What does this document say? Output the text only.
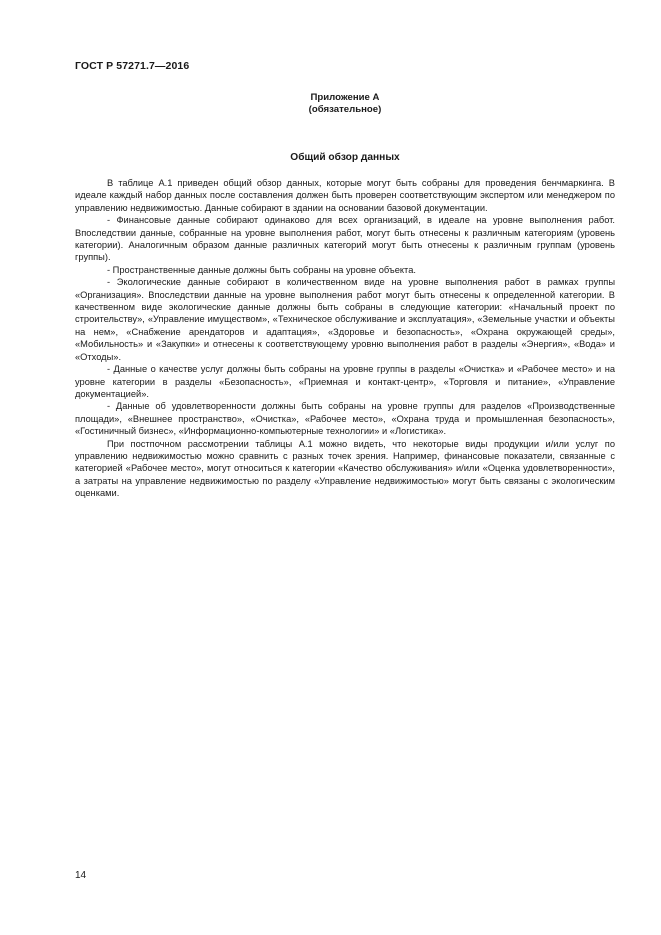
ГОСТ Р 57271.7—2016
Приложение А
(обязательное)
Общий обзор данных

В таблице А.1 приведен общий обзор данных, которые могут быть собраны для проведения бенчмаркинга. В идеале каждый набор данных после составления должен быть проверен соответствующим экспертом или менеджером по управлению недвижимостью. Данные собирают в здании на основании базовой документации.

- Финансовые данные собирают одинаково для всех организаций, в идеале на уровне выполнения работ. Впоследствии данные, собранные на уровне выполнения работ, могут быть отнесены к различным категориям (уровень категории). Аналогичным образом данные различных категорий могут быть отнесены к различным группам (уровень группы).

- Пространственные данные должны быть собраны на уровне объекта.

- Экологические данные собирают в количественном виде на уровне выполнения работ в рамках группы «Организация». Впоследствии данные на уровне выполнения работ могут быть отнесены к определенной категории. В качественном виде экологические данные должны быть собраны в следующие категории: «Начальный проект по строительству», «Управление имуществом», «Техническое обслуживание и эксплуатация», «Земельные участки и объекты на нем», «Снабжение арендаторов и адаптация», «Здоровье и безопасность», «Охрана окружающей среды», «Мобильность» и «Закупки» и отнесены к соответствующему уровню выполнения работ в разделы «Энергия», «Вода» и «Отходы».

- Данные о качестве услуг должны быть собраны на уровне группы в разделы «Очистка» и «Рабочее место» и на уровне категории в разделы «Безопасность», «Приемная и контакт-центр», «Торговля и питание», «Управление документацией».

- Данные об удовлетворенности должны быть собраны на уровне группы для разделов «Производственные площади», «Внешнее пространство», «Очистка», «Рабочее место», «Охрана труда и промышленная безопасность», «Гостиничный бизнес», «Информационно-компьютерные технологии» и «Логистика».

При постпочном рассмотрении таблицы А.1 можно видеть, что некоторые виды продукции и/или услуг по управлению недвижимостью можно сравнить с разных точек зрения. Например, финансовые показатели, связанные с категорией «Рабочее место», могут относиться к категории «Качество обслуживания» и/или «Оценка удовлетворенности», а затраты на управление недвижимостью по разделу «Управление недвижимостью» могут быть связаны с экологическим оценками.

14
